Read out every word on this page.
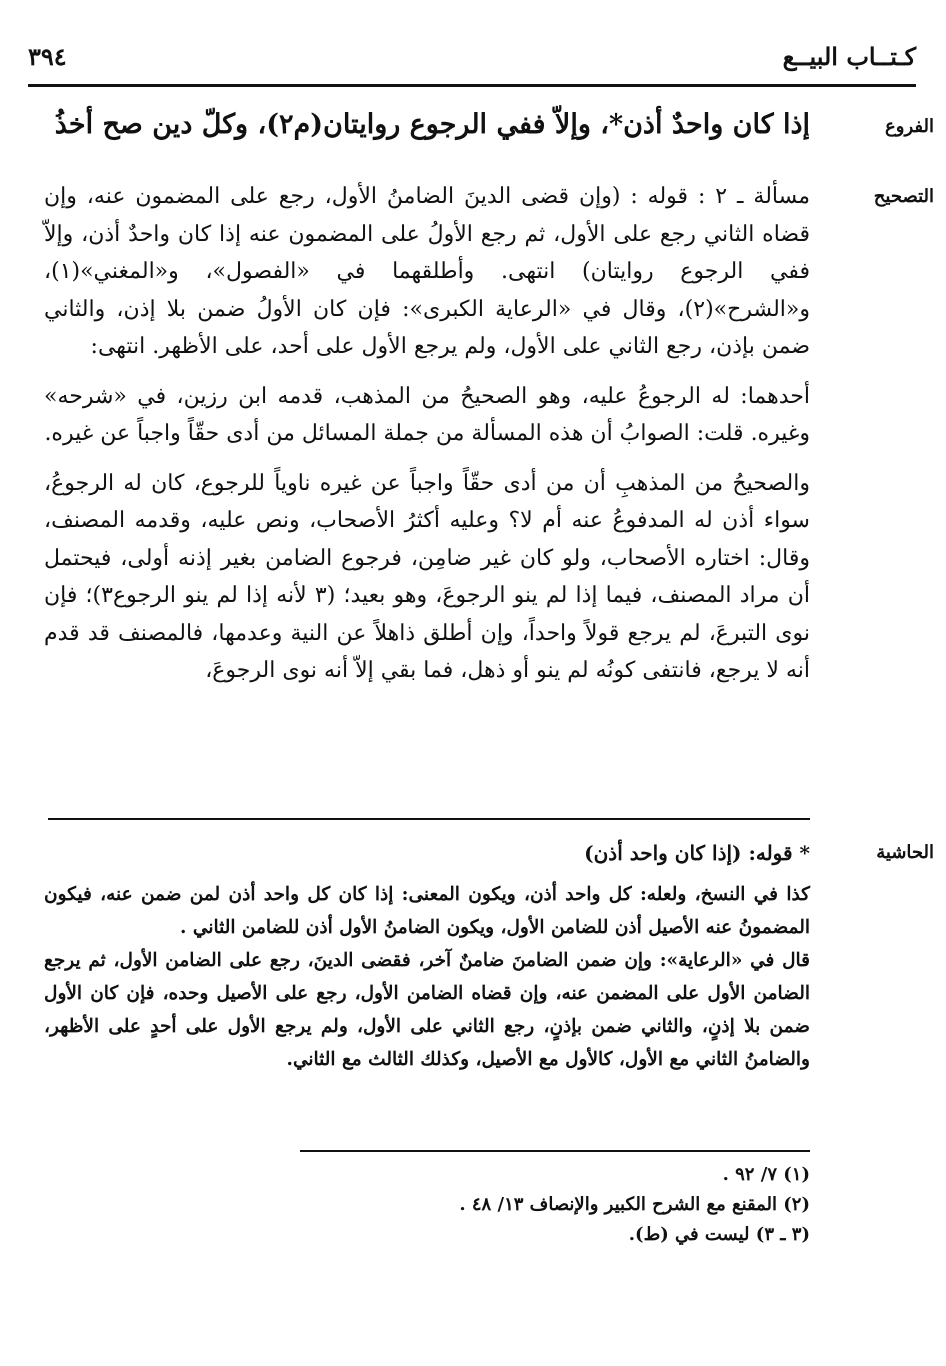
كـتــاب البيــع
٣٩٤
الفروع
إذا كان واحدٌ أذن*، وإلاّ ففي الرجوع روايتان(م٢)، وكلّ دين صح أخذُ
التصحيح

مسألة ـ ٢ : قوله : (وإن قضى الدينَ الضامنُ الأول، رجع على المضمون عنه، وإن قضاه الثاني رجع على الأول، ثم رجع الأولُ على المضمون عنه إذا كان واحدٌ أذن، وإلاّ ففي الرجوع روايتان) انتهى. وأطلقهما في «الفصول»، و«المغني»(١)، و«الشرح»(٢)، وقال في «الرعاية الكبرى»: فإن كان الأولُ ضمن بلا إذن، والثاني ضمن بإذن، رجع الثاني على الأول، ولم يرجع الأول على أحد، على الأظهر. انتهى:

أحدهما: له الرجوعُ عليه، وهو الصحيحُ من المذهب، قدمه ابن رزين، في «شرحه» وغيره. قلت: الصوابُ أن هذه المسألة من جملة المسائل من أدى حقّاً واجباً عن غيره.

والصحيحُ من المذهبِ أن من أدى حقّاً واجباً عن غيره ناوياً للرجوع، كان له الرجوعُ، سواء أذن له المدفوعُ عنه أم لا؟ وعليه أكثرُ الأصحاب، ونص عليه، وقدمه المصنف، وقال: اختاره الأصحاب، ولو كان غير ضامِن، فرجوع الضامن بغير إذنه أولى، فيحتمل أن مراد المصنف، فيما إذا لم ينو الرجوعَ، وهو بعيد؛ (٣ لأنه إذا لم ينو الرجوع٣)؛ فإن نوى التبرعَ، لم يرجع قولاً واحداً، وإن أطلق ذاهلاً عن النية وعدمها، فالمصنف قد قدم أنه لا يرجع، فانتفى كونُه لم ينو أو ذهل، فما بقي إلاّ أنه نوى الرجوعَ،

الحاشية
* قوله: (إذا كان واحد أذن)

كذا في النسخ، ولعله: كل واحد أذن، ويكون المعنى: إذا كان كل واحد أذن لمن ضمن عنه، فيكون المضمونُ عنه الأصيل أذن للضامن الأول، ويكون الضامنُ الأول أذن للضامن الثاني .

قال في «الرعاية»: وإن ضمن الضامنَ ضامنٌ آخر، فقضى الدينَ، رجع على الضامن الأول، ثم يرجع الضامن الأول على المضمن عنه، وإن قضاه الضامن الأول، رجع على الأصيل وحده، فإن كان الأول ضمن بلا إذنٍ، والثاني ضمن بإذنٍ، رجع الثاني على الأول، ولم يرجع الأول على أحدٍ على الأظهر، والضامنُ الثاني مع الأول، كالأول مع الأصيل، وكذلك الثالث مع الثاني.

(١) ٧/ ٩٢ .
(٢) المقنع مع الشرح الكبير والإنصاف ١٣/ ٤٨ .
(٣ ـ ٣) ليست في (ط).
